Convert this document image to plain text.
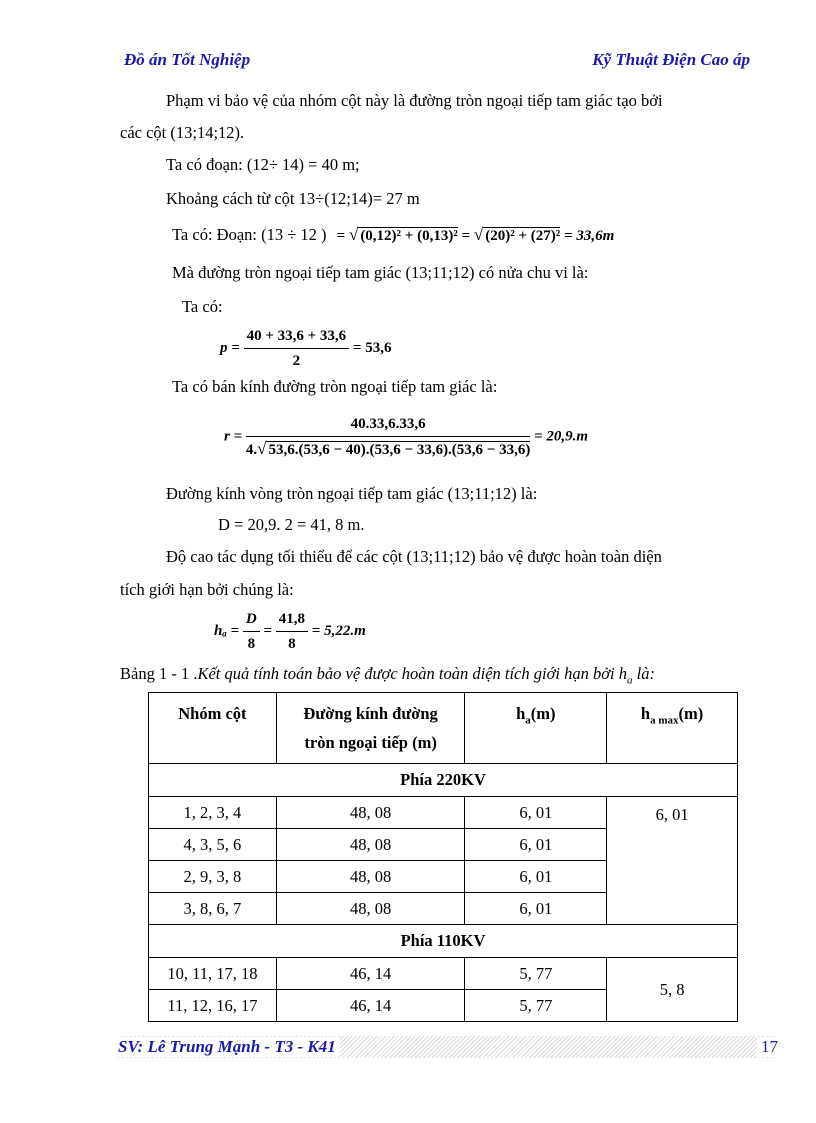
Đồ án Tốt Nghiệp	Kỹ Thuật Điện Cao áp
Phạm vi bảo vệ của nhóm cột này là đường tròn ngoại tiếp tam giác tạo bởi
các cột (13;14;12).
Ta có đoạn: (12÷ 14) = 40 m;
Khoảng cách từ cột 13÷(12;14)= 27 m
Ta có: Đoạn: (13 ÷ 12 ) = √ (0,12)² + (0,13)² = √ (20)² + (27)² = 33,6m
Mà đường tròn ngoại tiếp tam giác (13;11;12) có nửa chu vi là:
Ta có:
$p = \frac{40 + 33,6 + 33,6}{2} = 53,6$
Ta có bán kính đường tròn ngoại tiếp tam giác là:
$r = \frac{40.33,6.33,6}{4.√ 53,6.(53,6 - 40).(53,6 - 33,6).(53,6 - 33,6)} = 20,9.m$
Đường kính vòng tròn ngoại tiếp tam giác (13;11;12) là:
D = 20,9. 2 = 41, 8 m.
Độ cao tác dụng tối thiểu để các cột (13;11;12) bảo vệ được hoàn toàn diện
tích giới hạn bởi chúng là:
$h_a = \frac{D}{8} = \frac{41,8}{8} = 5,22.m$
Bảng 1 - 1 .Kết quả tính toán bảo vệ được hoàn toàn diện tích giới hạn bởi $h_a$ là:
Nhóm cột	Đường kính đường
tròn ngoại tiếp (m)	$h_a(m)$	$h_{a max}(m)$
Phía 220KV			
1, 2, 3, 4	48, 08	6, 01	6, 01
4, 3, 5, 6	48, 08	6, 01	
2, 9, 3, 8	48, 08	6, 01	
3, 8, 6, 7	48, 08	6, 01	
Phía 110KV			
10, 11, 17, 18	46, 14	5, 77	5, 8
11, 12, 16, 17	46, 14	5, 77	
SV: Lê Trung Mạnh - T3 - K41	17
